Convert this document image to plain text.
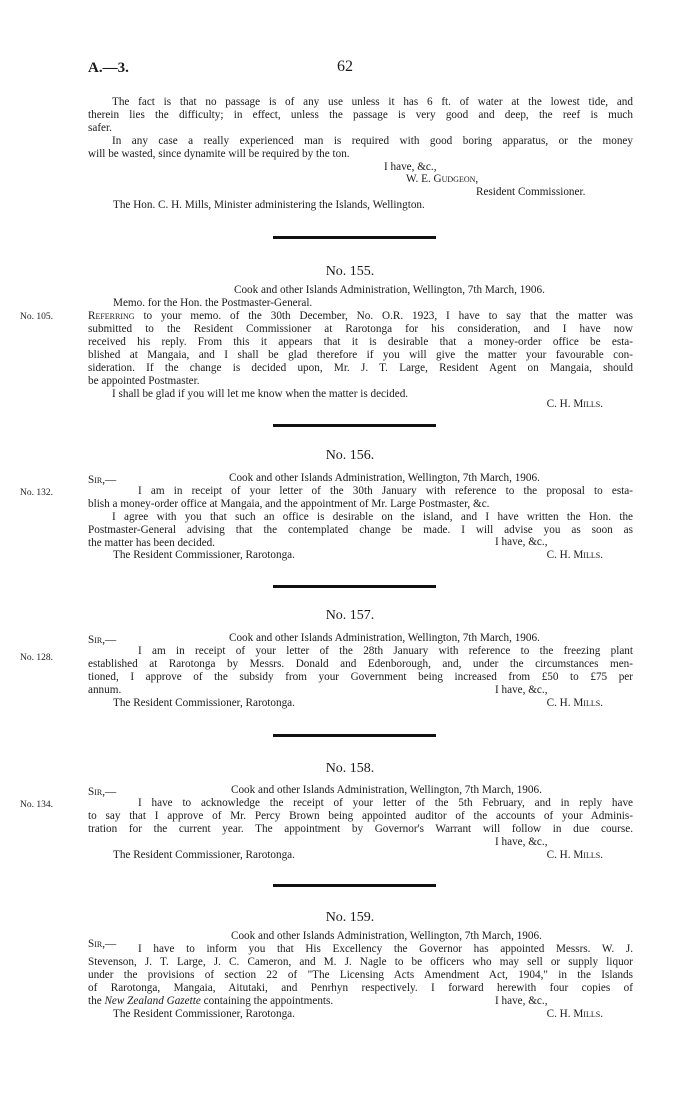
A.—3.	62
The fact is that no passage is of any use unless it has 6 ft. of water at the lowest tide, and
therein lies the difficulty; in effect, unless the passage is very good and deep, the reef is much
safer.
In any case a really experienced man is required with good boring apparatus, or the money
will be wasted, since dynamite will be required by the ton.
I have, &c.,
W. E. Gudgeon,
Resident Commissioner.
The Hon. C. H. Mills, Minister administering the Islands, Wellington.
No. 155.
Cook and other Islands Administration, Wellington, 7th March, 1906.
Memo. for the Hon. the Postmaster-General.
No. 105.	Referring to your memo. of the 30th December, No. O.R. 1923, I have to say that the matter was
submitted to the Resident Commissioner at Rarotonga for his consideration, and I have now
received his reply. From this it appears that it is desirable that a money-order office be esta-
blished at Mangaia, and I shall be glad therefore if you will give the matter your favourable con-
sideration. If the change is decided upon, Mr. J. T. Large, Resident Agent on Mangaia, should
be appointed Postmaster.
I shall be glad if you will let me know when the matter is decided.
C. H. Mills.
No. 156.
Sir,—	Cook and other Islands Administration, Wellington, 7th March, 1906.
No. 132.	I am in receipt of your letter of the 30th January with reference to the proposal to esta-
blish a money-order office at Mangaia, and the appointment of Mr. Large Postmaster, &c.
I agree with you that such an office is desirable on the island, and I have written the Hon. the
Postmaster-General advising that the contemplated change be made. I will advise you as soon as
the matter has been decided.	I have, &c.,
The Resident Commissioner, Rarotonga.	C. H. Mills.
No. 157.
Sir,—	Cook and other Islands Administration, Wellington, 7th March, 1906.
No. 128.
I am in receipt of your letter of the 28th January with reference to the freezing plant
established at Rarotonga by Messrs. Donald and Edenborough, and, under the circumstances men-
tioned, I approve of the subsidy from your Government being increased from £50 to £75 per
annum.	I have, &c.,
The Resident Commissioner, Rarotonga.	C. H. Mills.
No. 158.
Sir,—	Cook and other Islands Administration, Wellington, 7th March, 1906.
No. 134.	I have to acknowledge the receipt of your letter of the 5th February, and in reply have
to say that I approve of Mr. Percy Brown being appointed auditor of the accounts of your Adminis-
tration for the current year. The appointment by Governor's Warrant will follow in due course.
I have, &c.,
The Resident Commissioner, Rarotonga.	C. H. Mills.
No. 159.
Sir,—
Cook and other Islands Administration, Wellington, 7th March, 1906.
I have to inform you that His Excellency the Governor has appointed Messrs. W. J.
Stevenson, J. T. Large, J. C. Cameron, and M. J. Nagle to be officers who may sell or supply liquor
under the provisions of section 22 of "The Licensing Acts Amendment Act, 1904," in the Islands
of Rarotonga, Mangaia, Aitutaki, and Penrhyn respectively. I forward herewith four copies of
the New Zealand Gazette containing the appointments.	I have, &c.,
The Resident Commissioner, Rarotonga.	C. H. Mills.
